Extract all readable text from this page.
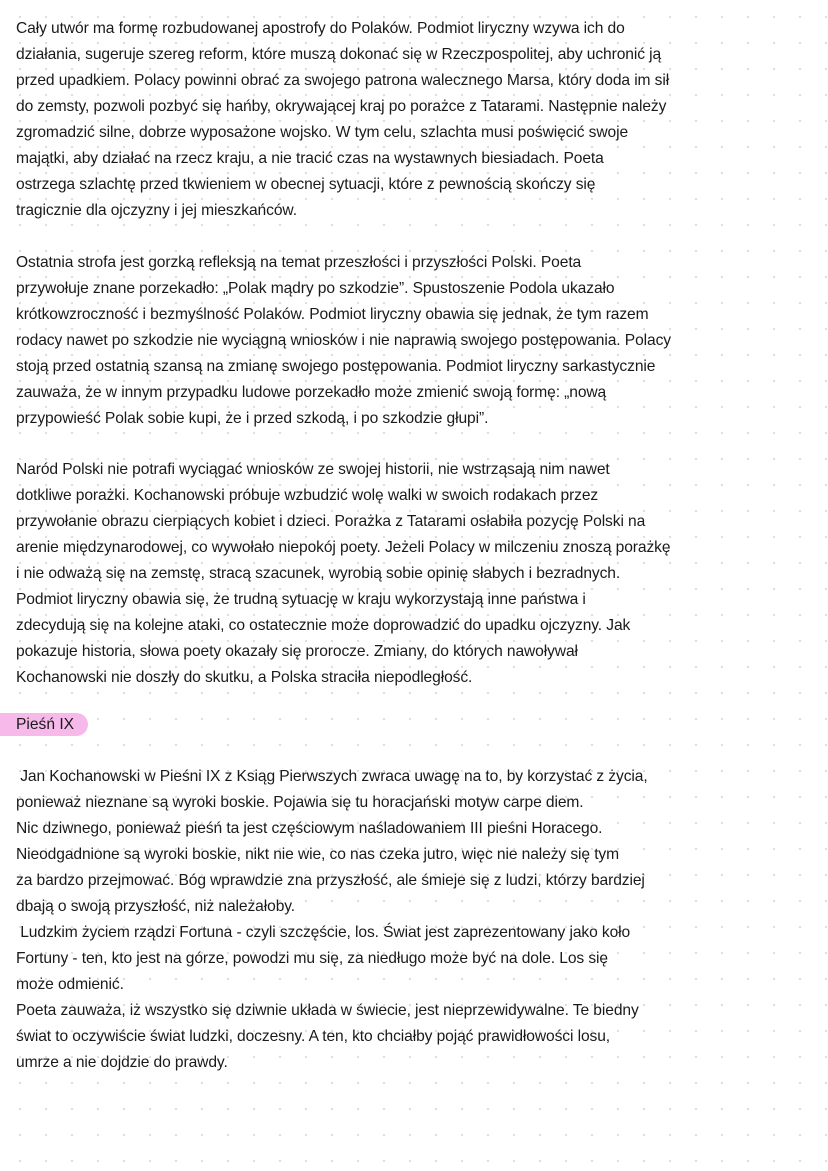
Cały utwór ma formę rozbudowanej apostrofy do Polaków. Podmiot liryczny wzywa ich do
działania, sugeruje szereg reform, które muszą dokonać się w Rzeczpospolitej, aby uchronić ją
przed upadkiem. Polacy powinni obrać za swojego patrona walecznego Marsa, który doda im sił
do zemsty, pozwoli pozbyć się hańby, okrywającej kraj po porażce z Tatarami. Następnie należy
zgromadzić silne, dobrze wyposażone wojsko. W tym celu, szlachta musi poświęcić swoje
majątki, aby działać na rzecz kraju, a nie tracić czas na wystawnych biesiadach. Poeta
ostrzega szlachtę przed tkwieniem w obecnej sytuacji, które z pewnością skończy się
tragicznie dla ojczyzny i jej mieszkańców.
Ostatnia strofa jest gorzką refleksją na temat przeszłości i przyszłości Polski. Poeta
przywołuje znane porzekadło: „Polak mądry po szkodzie”. Spustoszenie Podola ukazało
krótkowzroczność i bezmyślność Polaków. Podmiot liryczny obawia się jednak, że tym razem
rodacy nawet po szkodzie nie wyciągną wniosków i nie naprawią swojego postępowania. Polacy
stoją przed ostatnią szansą na zmianę swojego postępowania. Podmiot liryczny sarkastycznie
zauważa, że w innym przypadku ludowe porzekadło może zmienić swoją formę: „nową
przypowieść Polak sobie kupi, że i przed szkodą, i po szkodzie głupi”.
Naród Polski nie potrafi wyciągać wniosków ze swojej historii, nie wstrząsają nim nawet
dotkliwe porażki. Kochanowski próbuje wzbudzić wolę walki w swoich rodakach przez
przywołanie obrazu cierpiących kobiet i dzieci. Porażka z Tatarami osłabiła pozycję Polski na
arenie międzynarodowej, co wywołało niepokój poety. Jeżeli Polacy w milczeniu znoszą porażkę
i nie odważą się na zemstę, stracą szacunek, wyrobią sobie opinię słabych i bezradnych.
Podmiot liryczny obawia się, że trudną sytuację w kraju wykorzystają inne państwa i
zdecydują się na kolejne ataki, co ostatecznie może doprowadzić do upadku ojczyzny. Jak
pokazuje historia, słowa poety okazały się prorocze. Zmiany, do których nawoływał
Kochanowski nie doszły do skutku, a Polska straciła niepodległość.
Pieśń IX
Jan Kochanowski w Pieśni IX z Ksiąg Pierwszych zwraca uwagę na to, by korzystać z życia,
ponieważ nieznane są wyroki boskie. Pojawia się tu horacjański motyw carpe diem.
Nic dziwnego, ponieważ pieśń ta jest częściowym naśladowaniem III pieśni Horacego.
Nieodgadnione są wyroki boskie, nikt nie wie, co nas czeka jutro, więc nie należy się tym
za bardzo przejmować. Bóg wprawdzie zna przyszłość, ale śmieje się z ludzi, którzy bardziej
dbają o swoją przyszłość, niż należałoby.
Ludzkim życiem rządzi Fortuna - czyli szczęście, los. Świat jest zaprezentowany jako koło
Fortuny - ten, kto jest na górze, powodzi mu się, za niedługo może być na dole. Los się
może odmienić.
Poeta zauważa, iż wszystko się dziwnie układa w świecie, jest nieprzewidywalne. Te biedny
świat to oczywiście świat ludzki, doczesny. A ten, kto chciałby pojąć prawidłowości losu,
umrze a nie dojdzie do prawdy.
